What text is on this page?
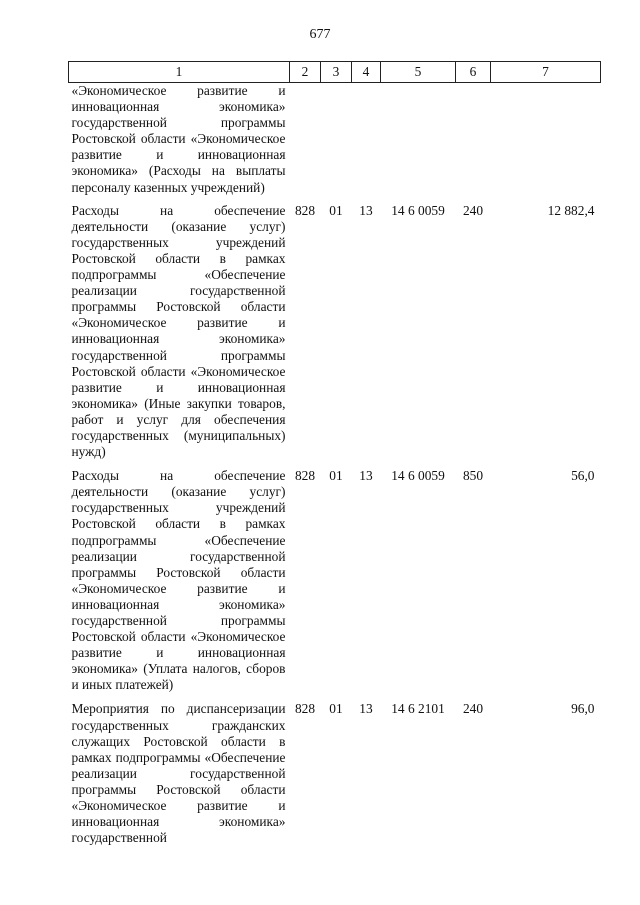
677
1	2	3	4	5	6	7
«Экономическое развитие и инновационная экономика» государственной программы Ростовской области «Экономическое развитие и инновационная экономика» (Расходы на выплаты персоналу казенных учреждений)						
Расходы на обеспечение деятельности (оказание услуг) государственных учреждений Ростовской области в рамках подпрограммы «Обеспечение реализации государственной программы Ростовской области «Экономическое развитие и инновационная экономика» государственной программы Ростовской области «Экономическое развитие и инновационная экономика» (Иные закупки товаров, работ и услуг для обеспечения государственных (муниципальных) нужд)	828	01	13	14 6 0059	240	12 882,4
Расходы на обеспечение деятельности (оказание услуг) государственных учреждений Ростовской области в рамках подпрограммы «Обеспечение реализации государственной программы Ростовской области «Экономическое развитие и инновационная экономика» государственной программы Ростовской области «Экономическое развитие и инновационная экономика» (Уплата налогов, сборов и иных платежей)	828	01	13	14 6 0059	850	56,0
Мероприятия по диспансеризации государственных гражданских служащих Ростовской области в рамках подпрограммы «Обеспечение реализации государственной программы Ростовской области «Экономическое развитие и инновационная экономика» государственной	828	01	13	14 6 2101	240	96,0
